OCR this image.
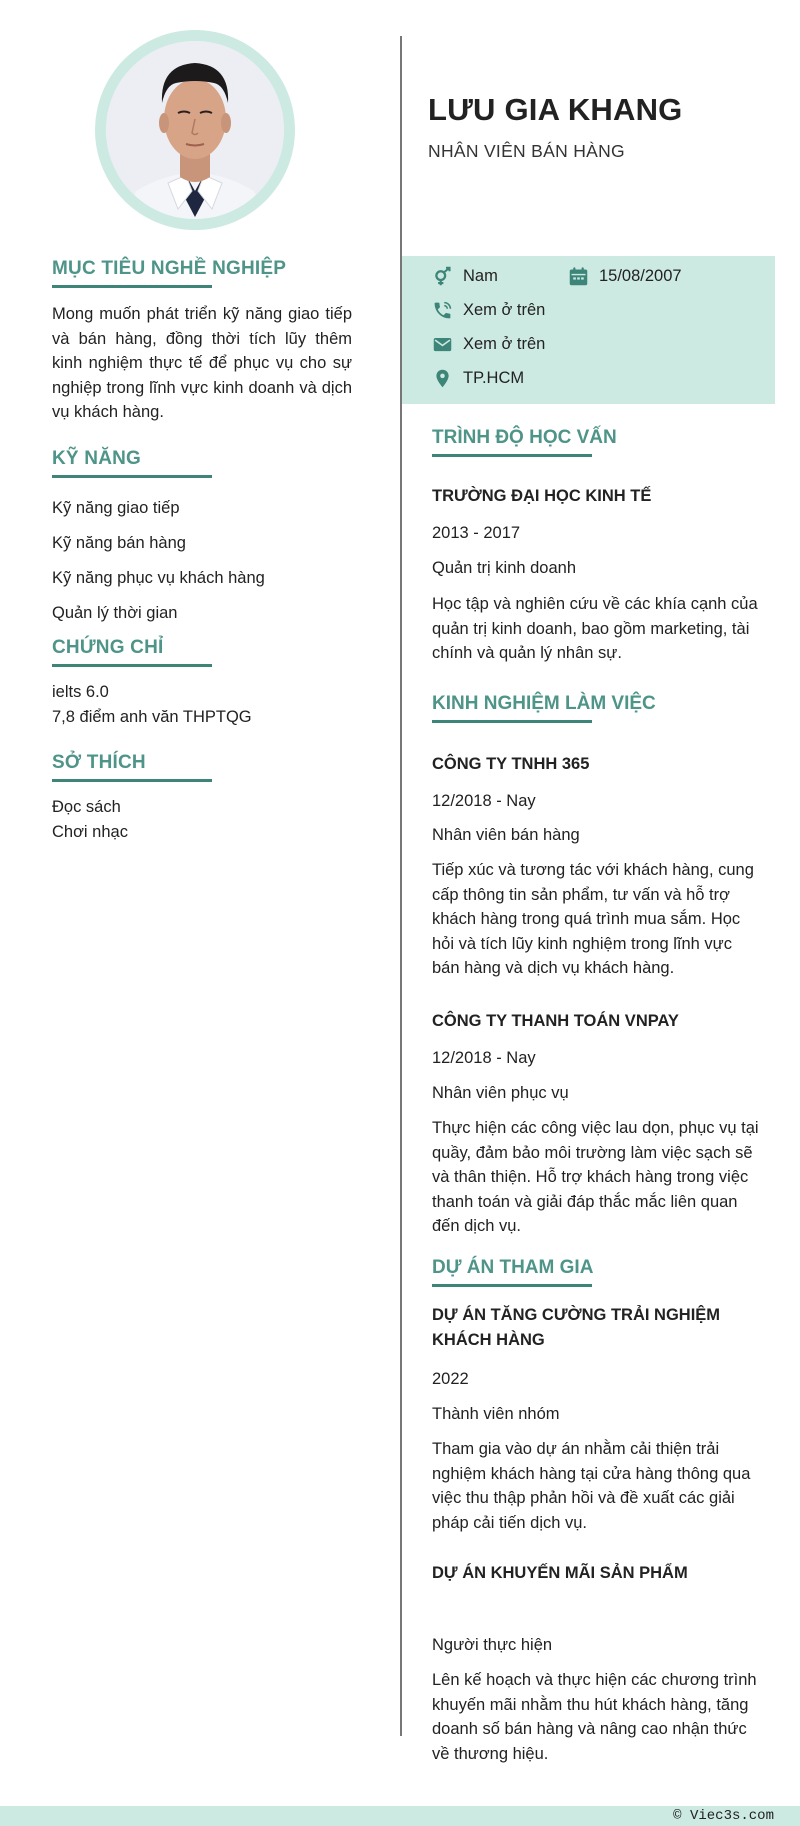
MỤC TIÊU NGHỀ NGHIỆP

Mong muốn phát triển kỹ năng giao tiếp và bán hàng, đồng thời tích lũy thêm kinh nghiệm thực tế để phục vụ cho sự nghiệp trong lĩnh vực kinh doanh và dịch vụ khách hàng.

KỸ NĂNG
Kỹ năng giao tiếp
Kỹ năng bán hàng
Kỹ năng phục vụ khách hàng
Quản lý thời gian
CHỨNG CHỈ
ielts 6.0
7,8 điểm anh văn THPTQG
SỞ THÍCH
Đọc sách
Chơi nhạc
LƯU GIA KHANG
NHÂN VIÊN BÁN HÀNG
Nam	15/08/2007
Xem ở trên
Xem ở trên
TP.HCM
TRÌNH ĐỘ HỌC VẤN
TRƯỜNG ĐẠI HỌC KINH TẾ
2013 - 2017
Quản trị kinh doanh
Học tập và nghiên cứu về các khía cạnh của quản trị kinh doanh, bao gồm marketing, tài chính và quản lý nhân sự.
KINH NGHIỆM LÀM VIỆC
CÔNG TY TNHH 365
12/2018 - Nay
Nhân viên bán hàng
Tiếp xúc và tương tác với khách hàng, cung cấp thông tin sản phẩm, tư vấn và hỗ trợ khách hàng trong quá trình mua sắm. Học hỏi và tích lũy kinh nghiệm trong lĩnh vực bán hàng và dịch vụ khách hàng.
CÔNG TY THANH TOÁN VNPAY
12/2018 - Nay
Nhân viên phục vụ
Thực hiện các công việc lau dọn, phục vụ tại quầy, đảm bảo môi trường làm việc sạch sẽ và thân thiện. Hỗ trợ khách hàng trong việc thanh toán và giải đáp thắc mắc liên quan đến dịch vụ.
DỰ ÁN THAM GIA
DỰ ÁN TĂNG CƯỜNG TRẢI NGHIỆM KHÁCH HÀNG
2022
Thành viên nhóm
Tham gia vào dự án nhằm cải thiện trải nghiệm khách hàng tại cửa hàng thông qua việc thu thập phản hồi và đề xuất các giải pháp cải tiến dịch vụ.
DỰ ÁN KHUYẾN MÃI SẢN PHẨM
Người thực hiện
Lên kế hoạch và thực hiện các chương trình khuyến mãi nhằm thu hút khách hàng, tăng doanh số bán hàng và nâng cao nhận thức về thương hiệu.
© Viec3s.com
